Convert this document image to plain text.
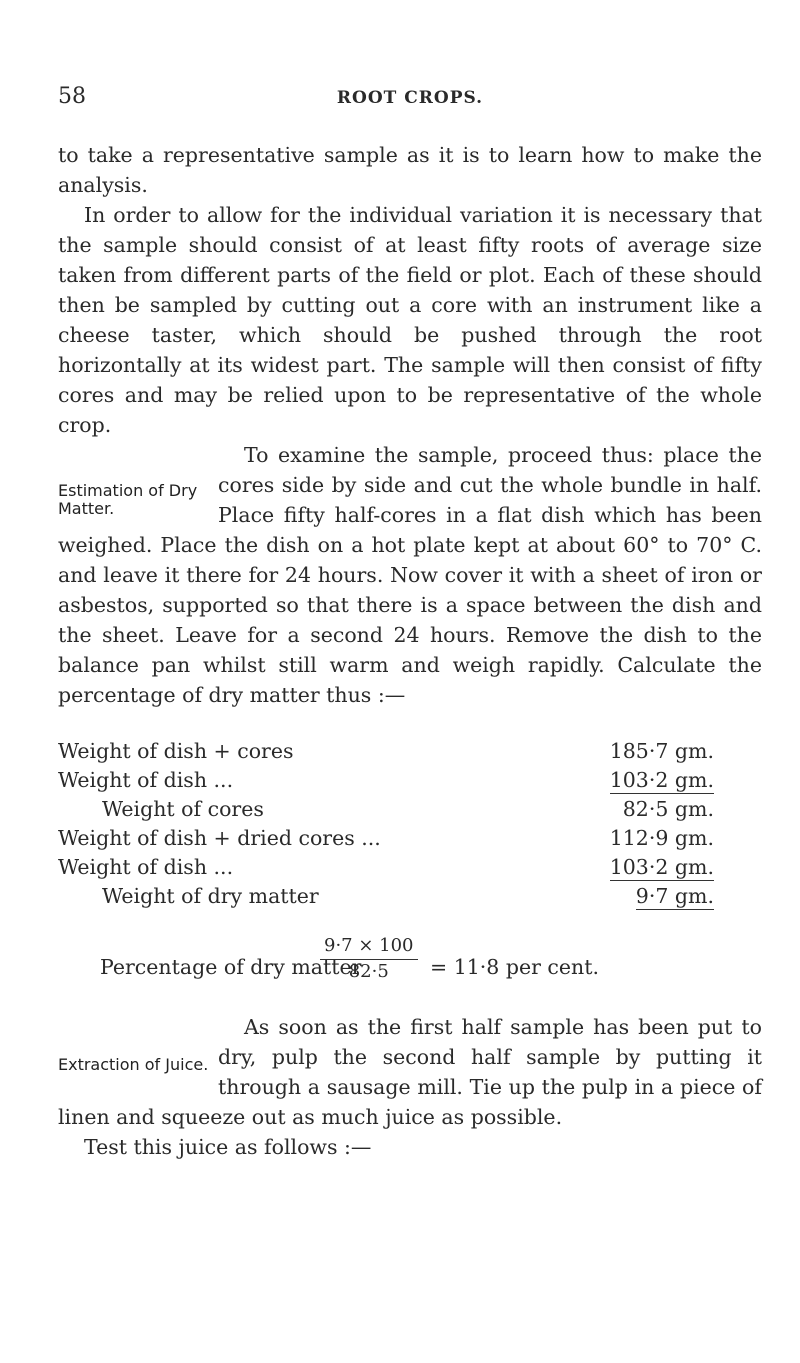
58	ROOT CROPS.

to take a representative sample as it is to learn how to make the analysis.

In order to allow for the individual variation it is necessary that the sample should consist of at least fifty roots of average size taken from different parts of the field or plot. Each of these should then be sampled by cutting out a core with an instrument like a cheese taster, which should be pushed through the root horizontally at its widest part. The sample will then consist of fifty cores and may be relied upon to be representative of the whole crop.

Estimation of Dry Matter.

To examine the sample, proceed thus: place the cores side by side and cut the whole bundle in half. Place fifty half-cores in a flat dish which has been weighed. Place the dish on a hot plate kept at about 60° to 70° C. and leave it there for 24 hours. Now cover it with a sheet of iron or asbestos, supported so that there is a space between the dish and the sheet. Leave for a second 24 hours. Remove the dish to the balance pan whilst still warm and weigh rapidly. Calculate the percentage of dry matter thus :—

Weight of dish + cores	185·7 gm.
Weight of dish ...	103·2 gm.
Weight of cores	82·5 gm.
Weight of dish + dried cores ...	112·9 gm.
Weight of dish ...	103·2 gm.
Weight of dry matter	9·7 gm.
Percentage of dry matter
$\frac{9\cdot 7 \times 100}{82\cdot 5} = 11\cdot 8$ per cent.
Extraction of Juice.

As soon as the first half sample has been put to dry, pulp the second half sample by putting it through a sausage mill. Tie up the pulp in a piece of linen and squeeze out as much juice as possible.

Test this juice as follows :—
